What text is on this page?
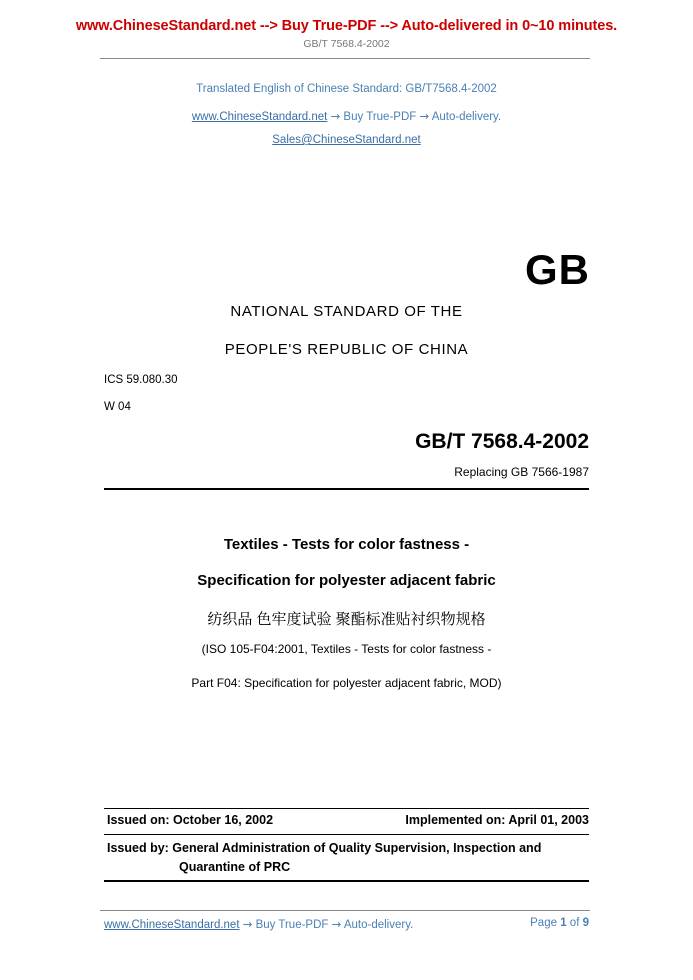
www.ChineseStandard.net --> Buy True-PDF --> Auto-delivered in 0~10 minutes.
GB/T 7568.4-2002
Translated English of Chinese Standard: GB/T7568.4-2002
www.ChineseStandard.net → Buy True-PDF → Auto-delivery.
Sales@ChineseStandard.net
GB
NATIONAL STANDARD OF THE
PEOPLE'S REPUBLIC OF CHINA
ICS 59.080.30
W 04
GB/T 7568.4-2002
Replacing GB 7566-1987
Textiles - Tests for color fastness -
Specification for polyester adjacent fabric
纺织品 色牢度试验 聚酯标准贴衬织物规格
(ISO 105-F04:2001, Textiles - Tests for color fastness -
Part F04: Specification for polyester adjacent fabric, MOD)
Issued on: October 16, 2002	Implemented on: April 01, 2003
Issued by: General Administration of Quality Supervision, Inspection and
Quarantine of PRC
www.ChineseStandard.net → Buy True-PDF → Auto-delivery.	Page 1 of 9
